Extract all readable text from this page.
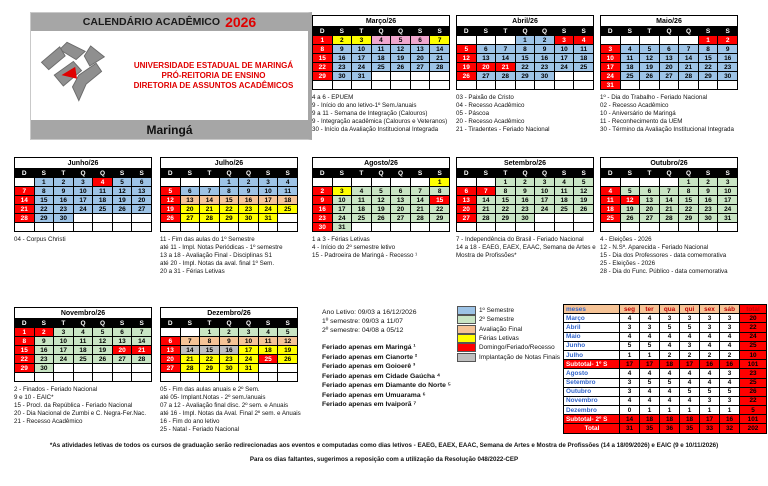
CALENDÁRIO ACADÊMICO 2026
UNIVERSIDADE ESTADUAL DE MARINGÁ
PRÓ-REITORIA DE ENSINO
DIRETORIA DE ASSUNTOS ACADÊMICOS
Maringá
Março/26						
D	S	T	Q	Q	S	S
1	2	3	4	5	6	7
8	9	10	11	12	13	14
15	16	17	18	19	20	21
22	23	24	25	26	27	28
29	30	31				

4 a 6 - EPUEM
9 - Início do ano letivo-1º Sem./anuais
9 a 11 - Semana de Integração (Calouros)
9 - Integração acadêmica (Calouros e Veteranos)
30 - Início da Avaliação Institucional Integrada
Abril/26						
D	S	T	Q	Q	S	S
			1	2	3	4
5	6	7	8	9	10	11
12	13	14	15	16	17	18
19	20	21	22	23	24	25
26	27	28	29	30		

03 - Paixão de Cristo
04 - Recesso Acadêmico
05 - Páscoa
20 - Recesso Acadêmico
21 - Tiradentes - Feriado Nacional
Maio/26						
D	S	T	Q	Q	S	S
					1	2
3	4	5	6	7	8	9
10	11	12	13	14	15	16
17	18	19	20	21	22	23
24	25	26	27	28	29	30
31						
1º - Dia do Trabalho - Feriado Nacional
02 - Recesso Acadêmico
10 - Aniversário de Maringá
11 - Reconhecimento da UEM
30 - Término da Avaliação Institucional Integrada
Junho/26						
D	S	T	Q	Q	S	S
	1	2	3	4	5	6
7	8	9	10	11	12	13
14	15	16	17	18	19	20
21	22	23	24	25	26	27
28	29	30				

04 - Corpus Christi
Julho/26						
D	S	T	Q	Q	S	S
			1	2	3	4
5	6	7	8	9	10	11
12	13	14	15	16	17	18
19	20	21	22	23	24	25
26	27	28	29	30	31	

11 - Fim das aulas do 1º Semestre
até 11 - Impl. Notas Periódicas - 1º semestre
13 a 18 - Avaliação Final - Disciplinas S1
até 20 - Impl. Notas da aval. final 1º Sem.
20 a 31 - Férias Letivas
Agosto/26						
D	S	T	Q	Q	S	S
						1
2	3	4	5	6	7	8
9	10	11	12	13	14	15
16	17	18	19	20	21	22
23	24	25	26	27	28	29
30	31					
1 a 3 - Férias Letivas
4 - Início do 2º semestre letivo
15 - Padroeira de Maringá - Recesso ¹
Setembro/26						
D	S	T	Q	Q	S	S
		1	2	3	4	5
6	7	8	9	10	11	12
13	14	15	16	17	18	19
20	21	22	23	24	25	26
27	28	29	30			

7 - Independência do Brasil - Feriado Nacional
14 a 18 - EAEG, EAEX, EAAC, Semana de Artes e Mostra de Profissões*
Outubro/26						
D	S	T	Q	Q	S	S
				1	2	3
4	5	6	7	8	9	10
11	12	13	14	15	16	17
18	19	20	21	22	23	24
25	26	27	28	29	30	31

4 - Eleições - 2026
12 - N.Sª. Aparecida - Feriado Nacional
15 - Dia dos Professores - data comemorativa
25 - Eleições - 2026
28 - Dia do Func. Público - data comemorativa
Novembro/26						
D	S	T	Q	Q	S	S
1	2	3	4	5	6	7
8	9	10	11	12	13	14
15	16	17	18	19	20	21
22	23	24	25	26	27	28
29	30					

2 - Finados - Feriado Nacional
9 e 10 - EAIC*
15 - Procl. da República - Feriado Nacional
20 - Dia Nacional de Zumbi e C. Negra-Fer.Nac.
21 - Recesso Acadêmico
Dezembro/26						
D	S	T	Q	Q	S	S
		1	2	3	4	5
6	7	8	9	10	11	12
13	14	15	16	17	18	19
20	21	22	23	24	25	26
27	28	29	30	31		

05 - Fim das aulas anuais e 2º Sem.
até 05- Implant.Notas - 2º sem./anuais
07 a 12 - Avaliação final disc. 2º sem. e Anuais
até 16 - Impl. Notas da Aval. Final 2º sem. e Anuais
16 - Fim do ano letivo
25 - Natal - Feriado Nacional
Ano Letivo: 09/03 a 16/12/2026
1º semestre: 09/03 a 11/07
2º semestre: 04/08 a 05/12
Feriado apenas em Maringá ¹
Feriado apenas em Cianorte ²
Feriado apenas em Goioerê ³
Feriado apenas em Cidade Gaúcha ⁴
Feriado apenas em Diamante do Norte ⁵
Feriado apenas em Umuarama ⁶
Feriado apenas em Ivaiporã ⁷
1º Semestre
2º Semestre
Avaliação Final
Férias Letivas
Domingo/Feriado/Recesso
Implantação de Notas Finais
meses	seg	ter	qua	qui	sex	sáb	total
Março	4	4	3	3	3	3	20
Abril	3	3	5	5	3	3	22
Maio	4	4	4	4	4	4	24
Junho	5	5	4	3	4	4	25
Julho	1	1	2	2	2	2	10
Subtotal- 1º S	17	17	18	17	16	16	101
Agosto	4	4	4	4	4	3	23
Setembro	3	5	5	4	4	4	25
Outubro	3	4	4	5	5	5	26
Novembro	4	4	4	4	3	3	22
Dezembro	0	1	1	1	1	1	5
Subtotal- 2º S	14	18	18	18	17	16	101
Total	31	35	36	35	33	32	202
*As atividades letivas de todos os cursos de graduação serão redirecionadas aos eventos e computadas como dias letivos - EAEG, EAEX, EAAC, Semana de Artes e Mostra de Profissões (14 a 18/09/2026) e EAIC (9 e 10/11/2026)
Para os dias faltantes, sugerimos a reposição com a utilização da Resolução 048/2022-CEP
